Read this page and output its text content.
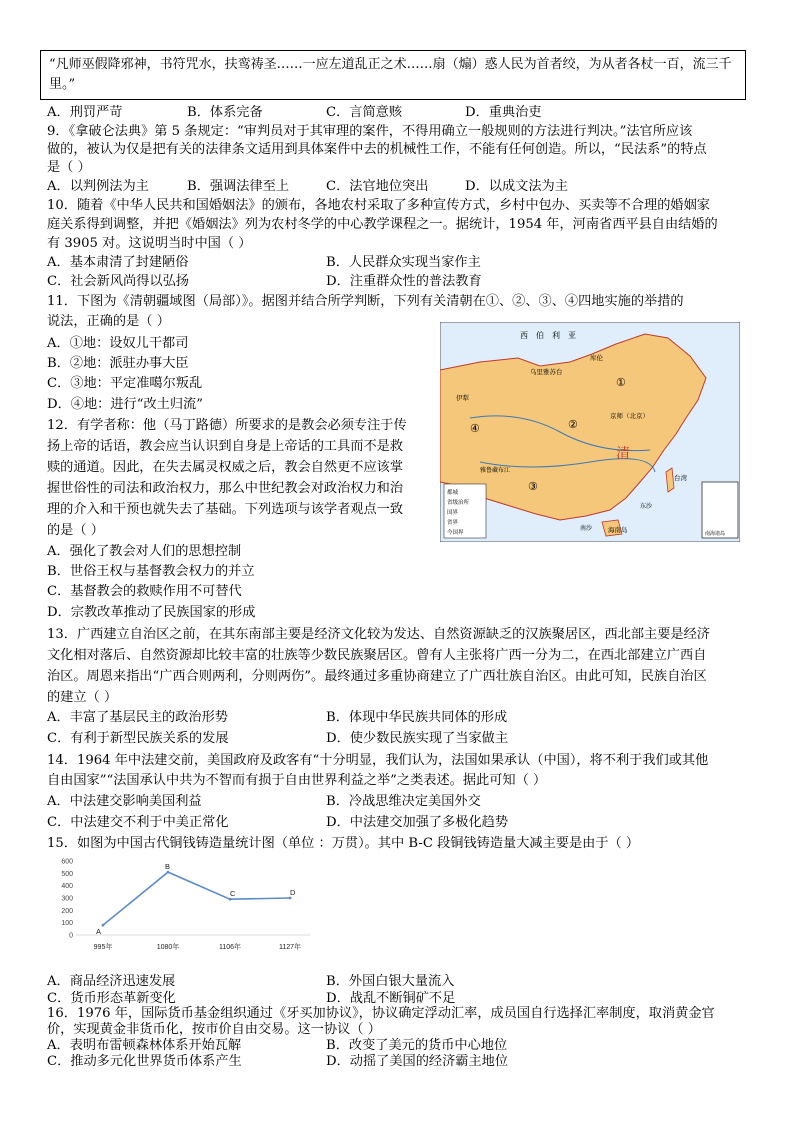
“凡师巫假降邪神，书符咒水，扶鸾祷圣……一应左道乱正之术……扇（煽）惑人民为首者绞，为从者各杖一百，流三千里。”
A．刑罚严苛	B．体系完备	C．言简意赅	D．重典治吏
9．《拿破仑法典》第 5 条规定：“审判员对于其审理的案件，不得用确立一般规则的方法进行判决。”法官所应该
做的，被认为仅是把有关的法律条文适用到具体案件中去的机械性工作，不能有任何创造。所以，“民法系”的特点
是（ ）
A．以判例法为主	B．强调法律至上	C．法官地位突出	D．以成文法为主
10．随着《中华人民共和国婚姻法》的颁布，各地农村采取了多种宣传方式，乡村中包办、买卖等不合理的婚姻家
庭关系得到调整，并把《婚姻法》列为农村冬学的中心教学课程之一。据统计，1954 年，河南省西平县自由结婚的
有 3905 对。这说明当时中国（ ）
A．基本肃清了封建陋俗	B．人民群众实现当家作主
C．社会新风尚得以弘扬	D．注重群众性的普法教育
11．下图为《清朝疆域图（局部）》。据图并结合所学判断，下列有关清朝在①、②、③、④四地实施的举措的
说法，正确的是（ ）
A．①地：设奴儿干都司
B．②地：派驻办事大臣
C．③地：平定准噶尔叛乱
D．④地：进行“改土归流”
西　伯　利　亚
乌里雅苏台
伊犁
库伦
京师（北京）
雅鲁藏布江
台湾
海南岛
南沙
东沙
清
①
②
③
④
都城
省级治所
国界
省界
今国界	南海诸岛
12．有学者称：他（马丁路德）所要求的是教会必须专注于传
扬上帝的话语，教会应当认识到自身是上帝话的工具而不是救
赎的通道。因此，在失去属灵权威之后，教会自然更不应该掌
握世俗性的司法和政治权力，那么中世纪教会对政治权力和治
理的介入和干预也就失去了基础。下列选项与该学者观点一致
的是（ ）
A．强化了教会对人们的思想控制
B．世俗王权与基督教会权力的并立
C．基督教会的救赎作用不可替代
D．宗教改革推动了民族国家的形成
13．广西建立自治区之前，在其东南部主要是经济文化较为发达、自然资源缺乏的汉族聚居区，西北部主要是经济
文化相对落后、自然资源却比较丰富的壮族等少数民族聚居区。曾有人主张将广西一分为二，在西北部建立广西自
治区。周恩来指出“广西合则两利，分则两伤”。最终通过多重协商建立了广西壮族自治区。由此可知，民族自治区
的建立（ ）
A．丰富了基层民主的政治形势	B．体现中华民族共同体的形成
C．有利于新型民族关系的发展	D．使少数民族实现了当家做主
14．1964 年中法建交前，美国政府及政客有“十分明显，我们认为，法国如果承认（中国），将不利于我们或其他
自由国家”“法国承认中共为不智而有损于自由世界利益之举”之类表述。据此可知（ ）
A．中法建交影响美国利益	B．冷战思维决定美国外交
C．中法建交不利于中美正常化	D．中法建交加强了多极化趋势
15．如图为中国古代铜钱铸造量统计图（单位 ：万贯）。其中 B-C 段铜钱铸造量大减主要是由于（ ）
0
100
200
300
400
500
600
A
995年
B
1080年
C
1106年
D
1127年
A．商品经济迅速发展	B．外国白银大量流入
C．货币形态革新变化	D．战乱不断铜矿不足
16．1976 年，国际货币基金组织通过《牙买加协议》，协议确定浮动汇率，成员国自行选择汇率制度，取消黄金官
价，实现黄金非货币化，按市价自由交易。这一协议（ ）
A．表明布雷顿森林体系开始瓦解	B．改变了美元的货币中心地位
C．推动多元化世界货币体系产生	D．动摇了美国的经济霸主地位
